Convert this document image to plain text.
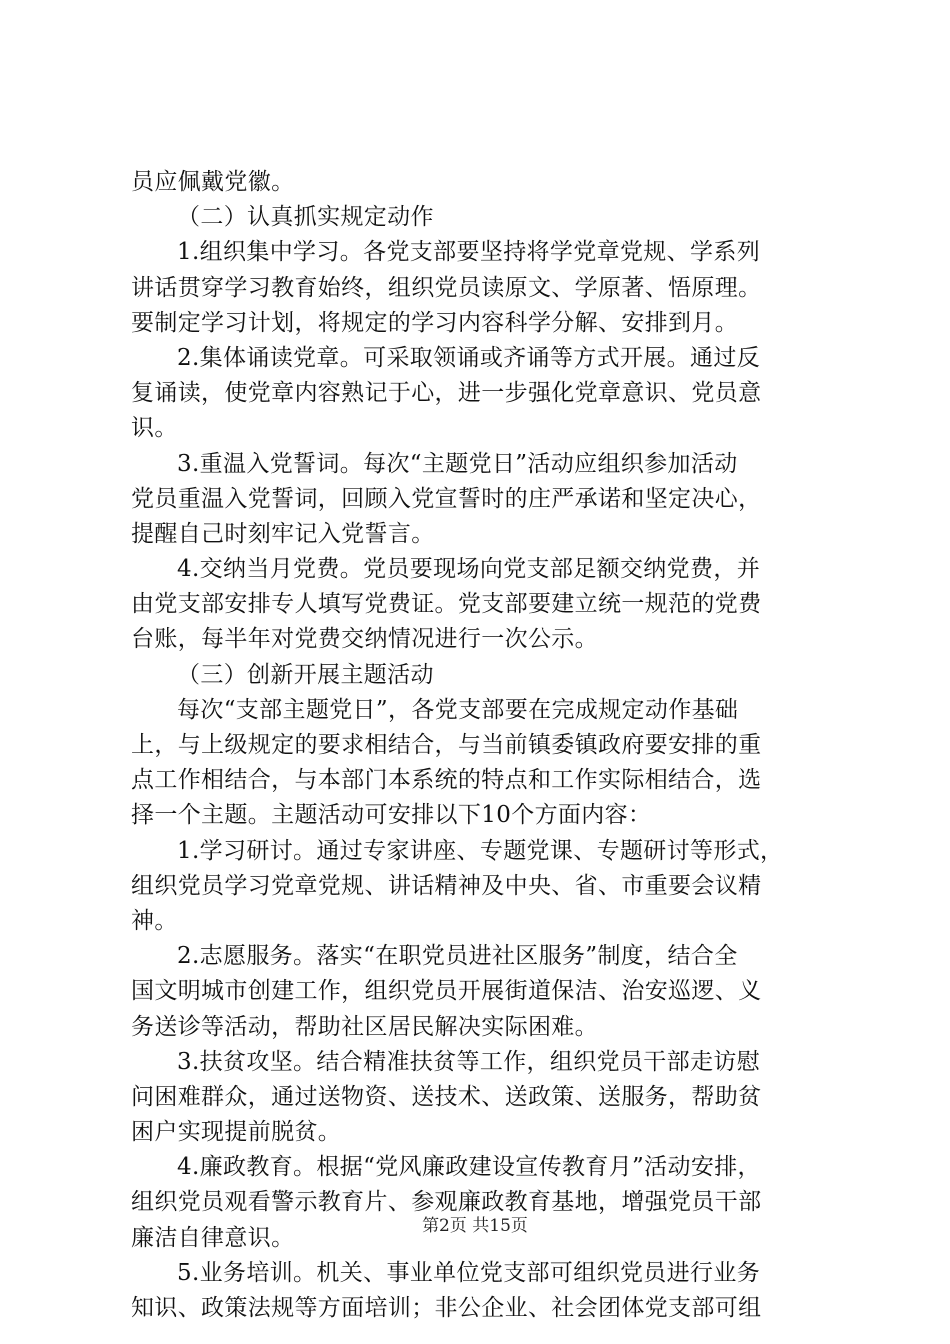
员应佩戴党徽。
（二）认真抓实规定动作
1.组织集中学习。各党支部要坚持将学党章党规、学系列
讲话贯穿学习教育始终，组织党员读原文、学原著、悟原理。
要制定学习计划，将规定的学习内容科学分解、安排到月。
2.集体诵读党章。可采取领诵或齐诵等方式开展。通过反
复诵读，使党章内容熟记于心，进一步强化党章意识、党员意
识。
3.重温入党誓词。每次“主题党日”活动应组织参加活动
党员重温入党誓词，回顾入党宣誓时的庄严承诺和坚定决心，
提醒自己时刻牢记入党誓言。
4.交纳当月党费。党员要现场向党支部足额交纳党费，并
由党支部安排专人填写党费证。党支部要建立统一规范的党费
台账，每半年对党费交纳情况进行一次公示。
（三）创新开展主题活动
每次“支部主题党日”，各党支部要在完成规定动作基础
上，与上级规定的要求相结合，与当前镇委镇政府要安排的重
点工作相结合，与本部门本系统的特点和工作实际相结合，选
择一个主题。主题活动可安排以下10个方面内容：
1.学习研讨。通过专家讲座、专题党课、专题研讨等形式，
组织党员学习党章党规、讲话精神及中央、省、市重要会议精
神。
2.志愿服务。落实“在职党员进社区服务”制度，结合全
国文明城市创建工作，组织党员开展街道保洁、治安巡逻、义
务送诊等活动，帮助社区居民解决实际困难。
3.扶贫攻坚。结合精准扶贫等工作，组织党员干部走访慰
问困难群众，通过送物资、送技术、送政策、送服务，帮助贫
困户实现提前脱贫。
4.廉政教育。根据“党风廉政建设宣传教育月”活动安排，
组织党员观看警示教育片、参观廉政教育基地，增强党员干部
廉洁自律意识。
5.业务培训。机关、事业单位党支部可组织党员进行业务
知识、政策法规等方面培训；非公企业、社会团体党支部可组
第2页 共15页
